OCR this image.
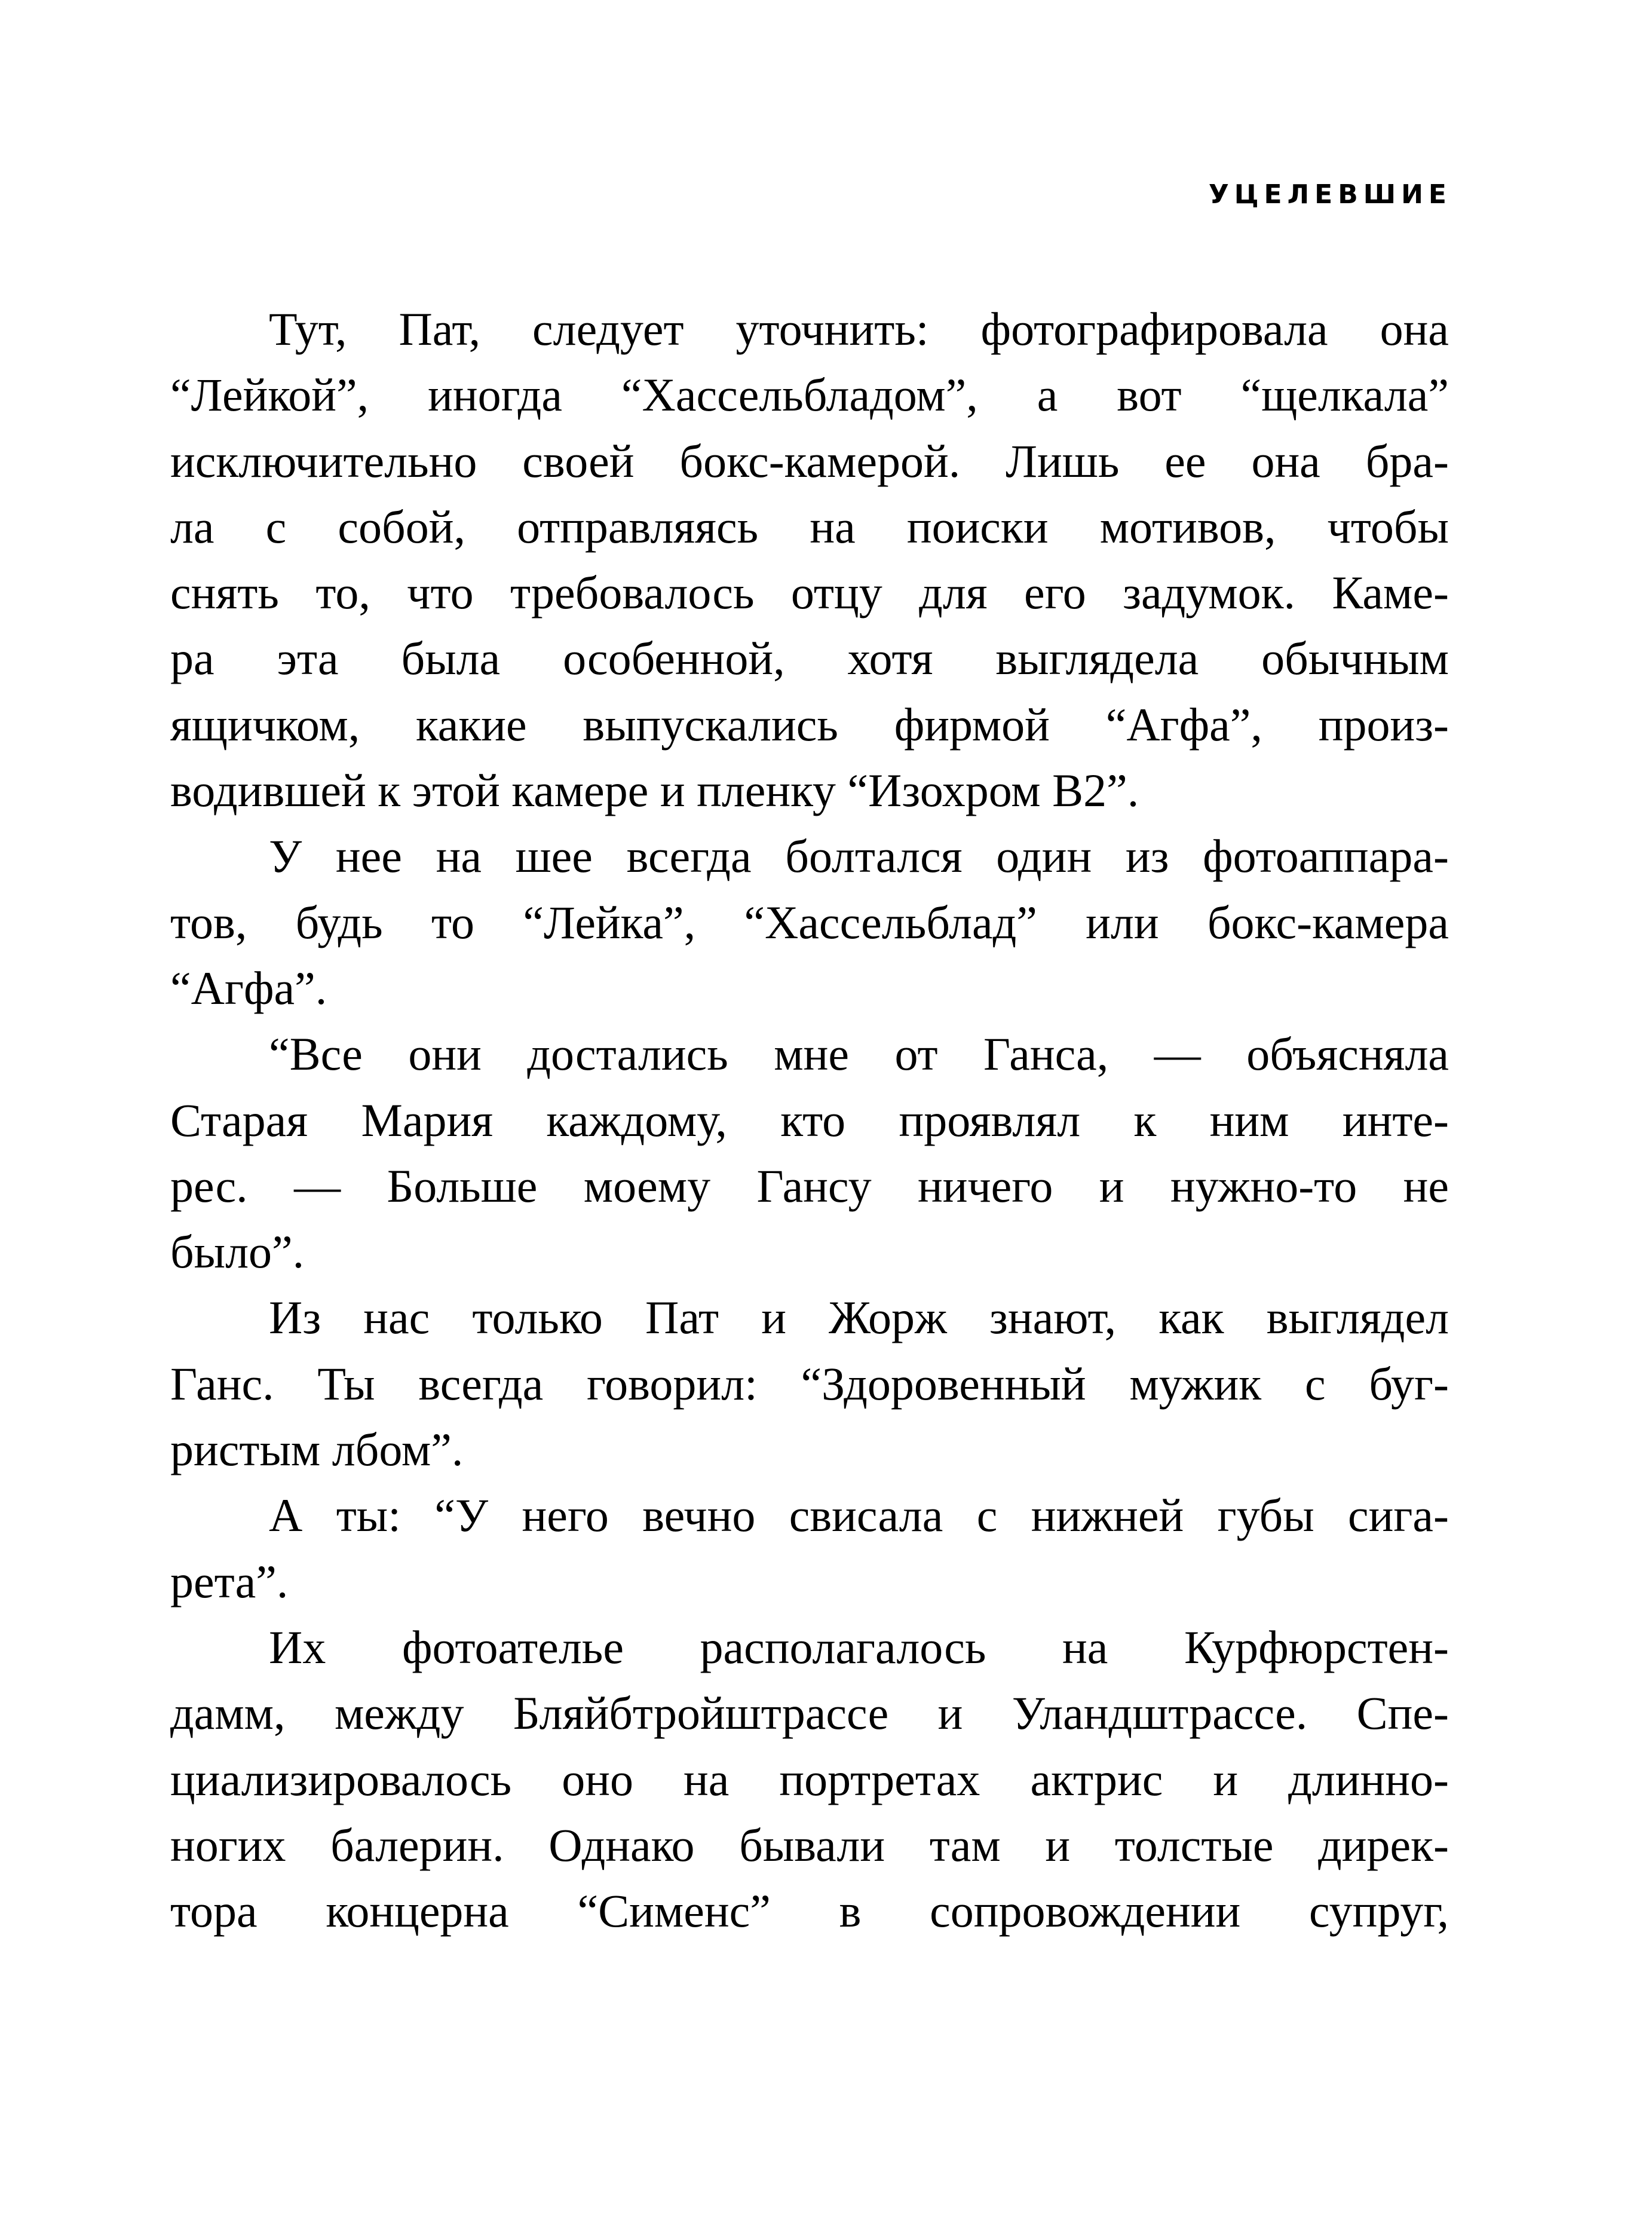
УЦЕЛЕВШИЕ
Тут, Пат, следует уточнить: фотографировала она
“Лейкой”, иногда “Хассельбладом”, а вот “щелкала”
исключительно своей бокс-камерой. Лишь ее она бра-
ла с собой, отправляясь на поиски мотивов, чтобы
снять то, что требовалось отцу для его задумок. Каме-
ра эта была особенной, хотя выглядела обычным
ящичком, какие выпускались фирмой “Агфа”, произ-
водившей к этой камере и пленку “Изохром B2”.
У нее на шее всегда болтался один из фотоаппара-
тов, будь то “Лейка”, “Хассельблад” или бокс-камера
“Агфа”.
“Все они достались мне от Ганса, — объясняла
Старая Мария каждому, кто проявлял к ним инте-
рес. — Больше моему Гансу ничего и нужно-то не
было”.
Из нас только Пат и Жорж знают, как выглядел
Ганс. Ты всегда говорил: “Здоровенный мужик с буг-
ристым лбом”.
А ты: “У него вечно свисала с нижней губы сига-
рета”.
Их фотоателье располагалось на Курфюрстен-
дамм, между Бляйбтройштрассе и Уландштрассе. Спе-
циализировалось оно на портретах актрис и длинно-
ногих балерин. Однако бывали там и толстые дирек-
тора концерна “Сименс” в сопровождении супруг,
